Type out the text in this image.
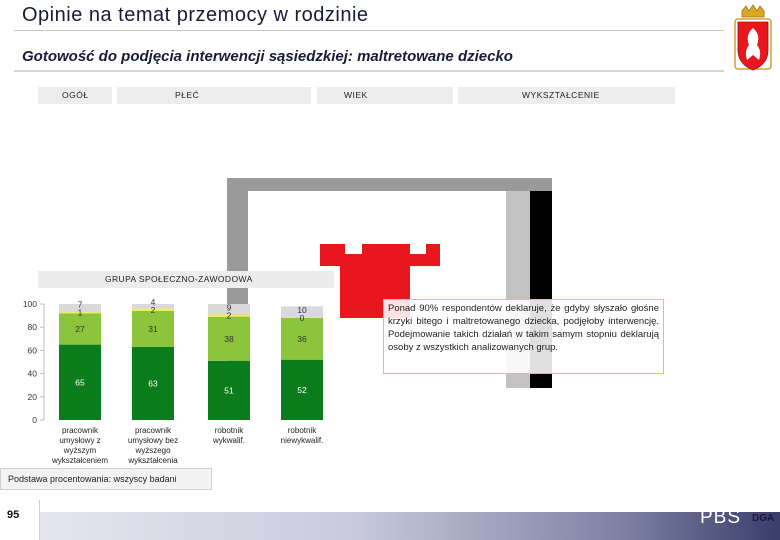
Opinie na temat przemocy w rodzinie
Gotowość do podjęcia interwencji sąsiedzkiej: maltretowane dziecko
OGÓŁ	PŁEĆ	WIEK	WYKSZTAŁCENIE
GRUPA SPOŁECZNO-ZAWODOWA
0
20
40
60
80
100
65
27
1
7
pracownik
umysłowy z
wyższym
wykształceniem
63
31
2
4
pracownik
umysłowy bez
wyższego
wykształcenia
51
38
2
9
robotnik
wykwalif.
52
36
0
10
robotnik
niewykwalif.
Ponad 90% respondentów deklaruje, że gdyby słyszało głośne krzyki bitego i maltretowanego dziecka, podjęłoby interwencję. Podejmowanie takich działań w takim samym stopniu deklarują osoby z wszystkich analizowanych grup.
Podstawa procentowania: wszyscy badani
95	PBS DGA
